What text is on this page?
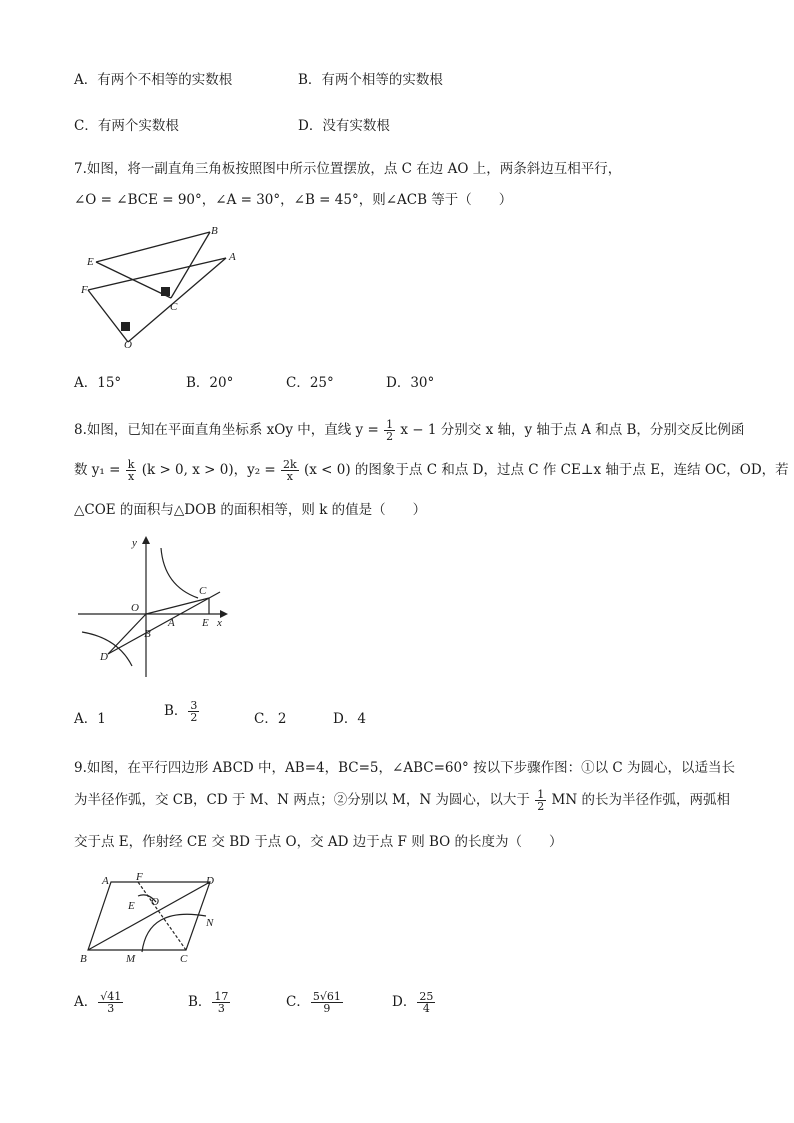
A．有两个不相等的实数根	B．有两个相等的实数根
C．有两个实数根	D．没有实数根
7.如图，将一副直角三角板按照图中所示位置摆放，点 C 在边 AO 上，两条斜边互相平行，
∠O = ∠BCE = 90°，∠A = 30°，∠B = 45°，则∠ACB 等于（　　）
B
E	A
F
C
O
A．15°	B．20°	C．25°	D．30°
8.如图，已知在平面直角坐标系 xOy 中，直线 $y = \frac{1}{2}$ x − 1 分别交 x 轴，y 轴于点 A 和点 B，分别交反比例函
数 $y_1 = \frac{k}{x} (k > 0$, x > 0)，$y_2 = \frac{2k}{x} (x < 0)$ 的图象于点 C 和点 D，过点 C 作 CE⊥x 轴于点 E，连结 OC，OD，若
△COE 的面积与△DOB 的面积相等，则 k 的值是（　　）
y
C
O
A E x
B
D
A．1	B． $\frac{3}{2}$	C．2	D．4
9.如图，在平行四边形 ABCD 中，AB=4，BC=5，∠ABC=60° 按以下步骤作图：①以 C 为圆心，以适当长
为半径作弧，交 CB，CD 于 M、N 两点；②分别以 M，N 为圆心，以大于 $\frac{1}{2}$ MN 的长为半径作弧，两弧相
交于点 E，作射经 CE 交 BD 于点 O，交 AD 边于点 F 则 BO 的长度为（　　）
A F	D
E O
N
B	M	C
A． $\frac{√41}{3}$	B． $\frac{17}{3}$	C． $\frac{5√61}{9}$	D． $\frac{25}{4}$
